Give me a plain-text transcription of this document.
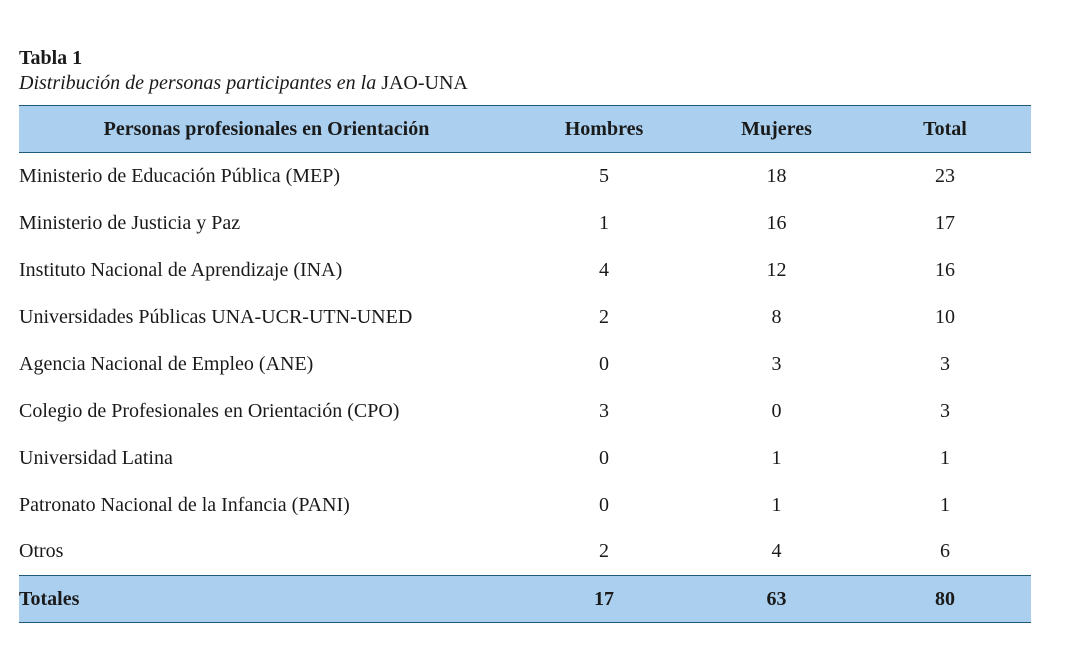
Tabla 1
Distribución de personas participantes en la JAO-UNA
Personas profesionales en Orientación	Hombres	Mujeres	Total
Ministerio de Educación Pública (MEP)	5	18	23
Ministerio de Justicia y Paz	1	16	17
Instituto Nacional de Aprendizaje (INA)	4	12	16
Universidades Públicas UNA-UCR-UTN-UNED	2	8	10
Agencia Nacional de Empleo (ANE)	0	3	3
Colegio de Profesionales en Orientación (CPO)	3	0	3
Universidad Latina	0	1	1
Patronato Nacional de la Infancia (PANI)	0	1	1
Otros	2	4	6
Totales	17	63	80
